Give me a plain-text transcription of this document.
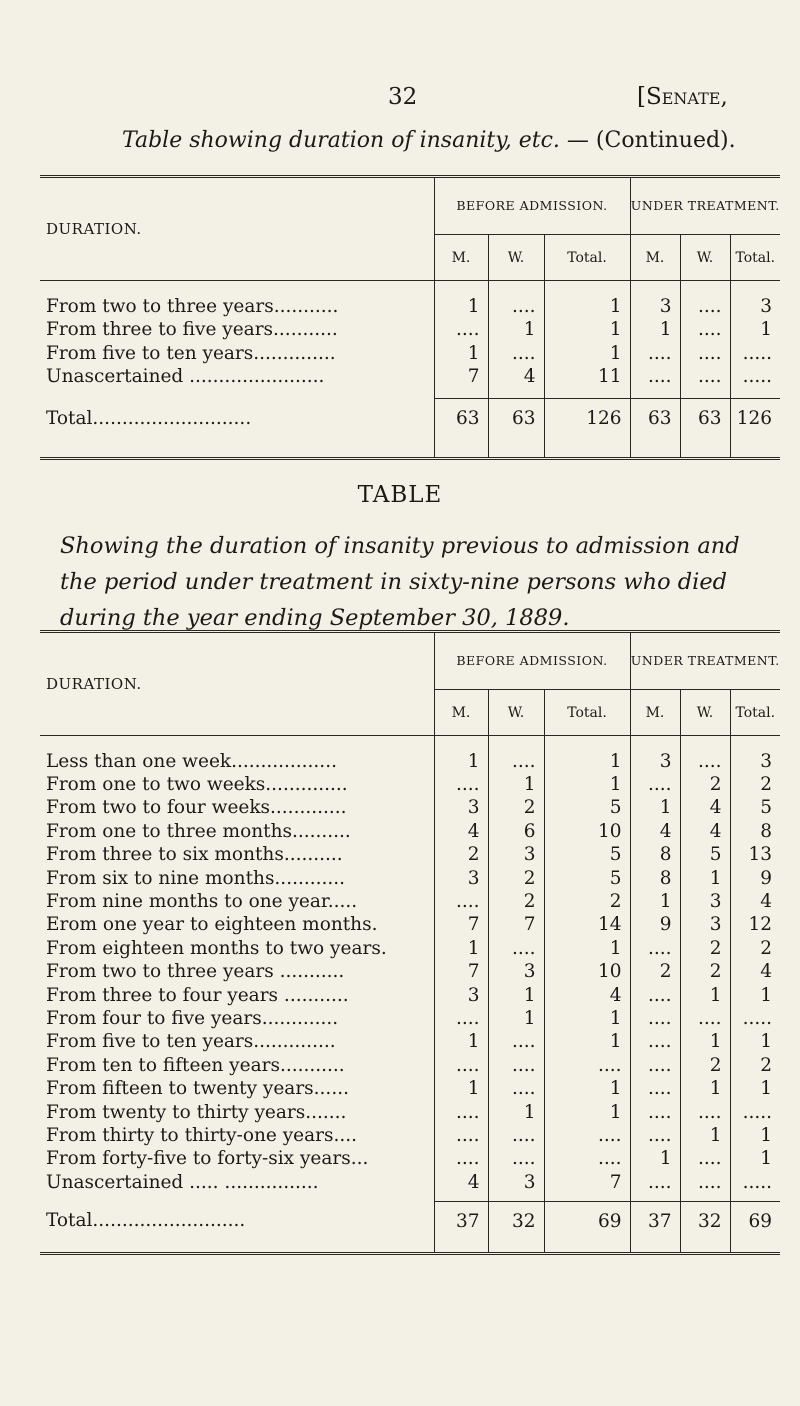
32	[Senate,
Table showing duration of insanity, etc. — (Continued).
DURATION.	BEFORE ADMISSION.			UNDER TREATMENT.		
	M.	W.	Total.	M.	W.	Total.

From two to three years...........	1	....	1	3	....	3
From three to five years...........	....	1	1	1	....	1
From five to ten years..............	1	....	1	....	....	.....
Unascertained .......................	7	4	11	....	....	.....

Total...........................	63	63	126	63	63	126

TABLE
Showing the duration of insanity previous to admission and the period under treatment in sixty-nine persons who died during the year ending September 30, 1889.
DURATION.	BEFORE ADMISSION.			UNDER TREATMENT.		
	M.	W.	Total.	M.	W.	Total.

Less than one week..................	1	....	1	3	....	3
From one to two weeks..............	....	1	1	....	2	2
From two to four weeks.............	3	2	5	1	4	5
From one to three months..........	4	6	10	4	4	8
From three to six months..........	2	3	5	8	5	13
From six to nine months............	3	2	5	8	1	9
From nine months to one year.....	....	2	2	1	3	4
Erom one year to eighteen months.	7	7	14	9	3	12
From eighteen months to two years.	1	....	1	....	2	2
From two to three years ...........	7	3	10	2	2	4
From three to four years ...........	3	1	4	....	1	1
From four to five years.............	....	1	1	....	....	.....
From five to ten years..............	1	....	1	....	1	1
From ten to fifteen years...........	....	....	....	....	2	2
From fifteen to twenty years......	1	....	1	....	1	1
From twenty to thirty years.......	....	1	1	....	....	.....
From thirty to thirty-one years....	....	....	....	....	1	1
From forty-five to forty-six years...	....	....	....	1	....	1
Unascertained ..... ................	4	3	7	....	....	.....

Total..........................	37	32	69	37	32	69
